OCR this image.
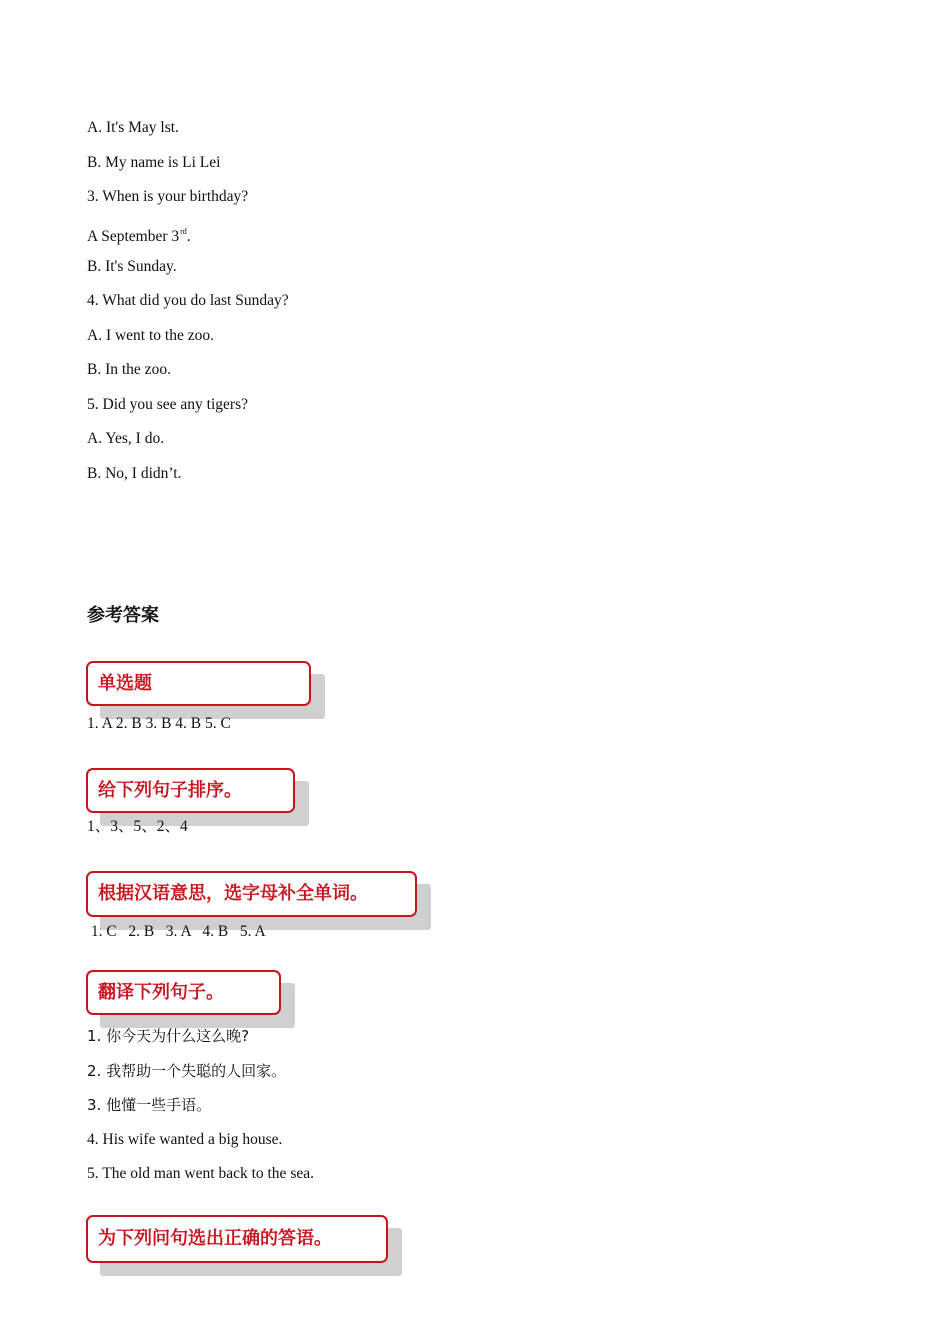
A. It's May lst.
B. My name is Li Lei
3. When is your birthday?
A September 3rd.
B. It's Sunday.
4. What did you do last Sunday?
A. I went to the zoo.
B. In the zoo.
5. Did you see any tigers?
A. Yes, I do.
B. No, I didn’t.
参考答案
单选题
1. A 2. B 3. B 4. B 5. C
给下列句子排序。
1、3、5、2、4
根据汉语意思，选字母补全单词。
1. C   2. B   3. A   4. B   5. A
翻译下列句子。
1. 你今天为什么这么晚?
2. 我帮助一个失聪的人回家。
3. 他懂一些手语。
4. His wife wanted a big house.
5. The old man went back to the sea.
为下列问句选出正确的答语。
